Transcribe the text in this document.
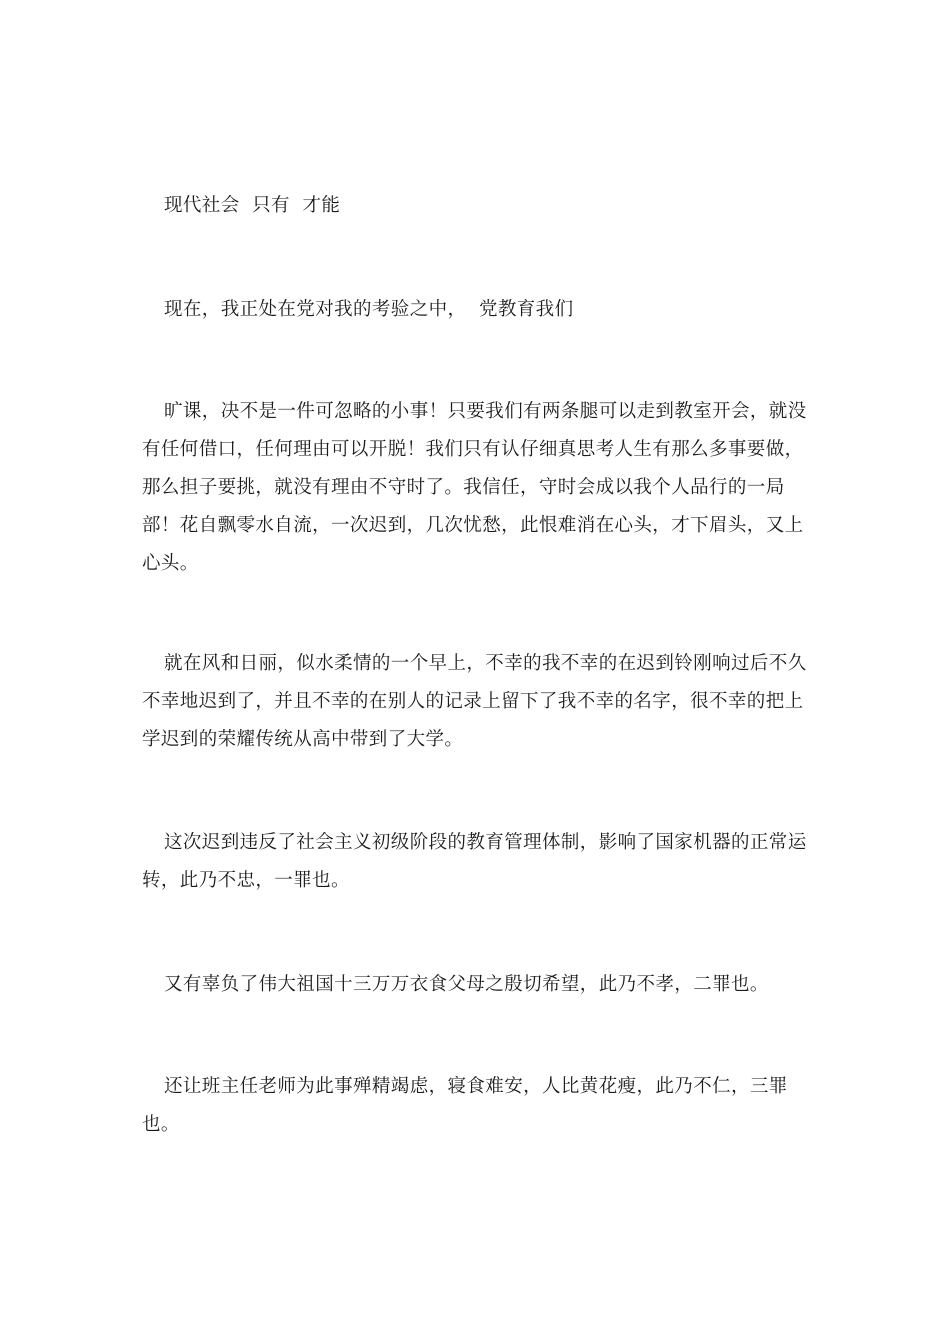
现代社会  只有  才能

现在，我正处在党对我的考验之中，  党教育我们

旷课，决不是一件可忽略的小事！只要我们有两条腿可以走到教室开会，就没有任何借口，任何理由可以开脱！我们只有认仔细真思考人生有那么多事要做，那么担子要挑，就没有理由不守时了。我信任，守时会成以我个人品行的一局部！花自飘零水自流，一次迟到，几次忧愁，此恨难消在心头，才下眉头，又上心头。

就在风和日丽，似水柔情的一个早上，不幸的我不幸的在迟到铃刚响过后不久不幸地迟到了，并且不幸的在别人的记录上留下了我不幸的名字，很不幸的把上学迟到的荣耀传统从高中带到了大学。

这次迟到违反了社会主义初级阶段的教育管理体制，影响了国家机器的正常运转，此乃不忠，一罪也。

又有辜负了伟大祖国十三万万衣食父母之殷切希望，此乃不孝，二罪也。

还让班主任老师为此事殚精竭虑，寝食难安，人比黄花瘦，此乃不仁，三罪也。
